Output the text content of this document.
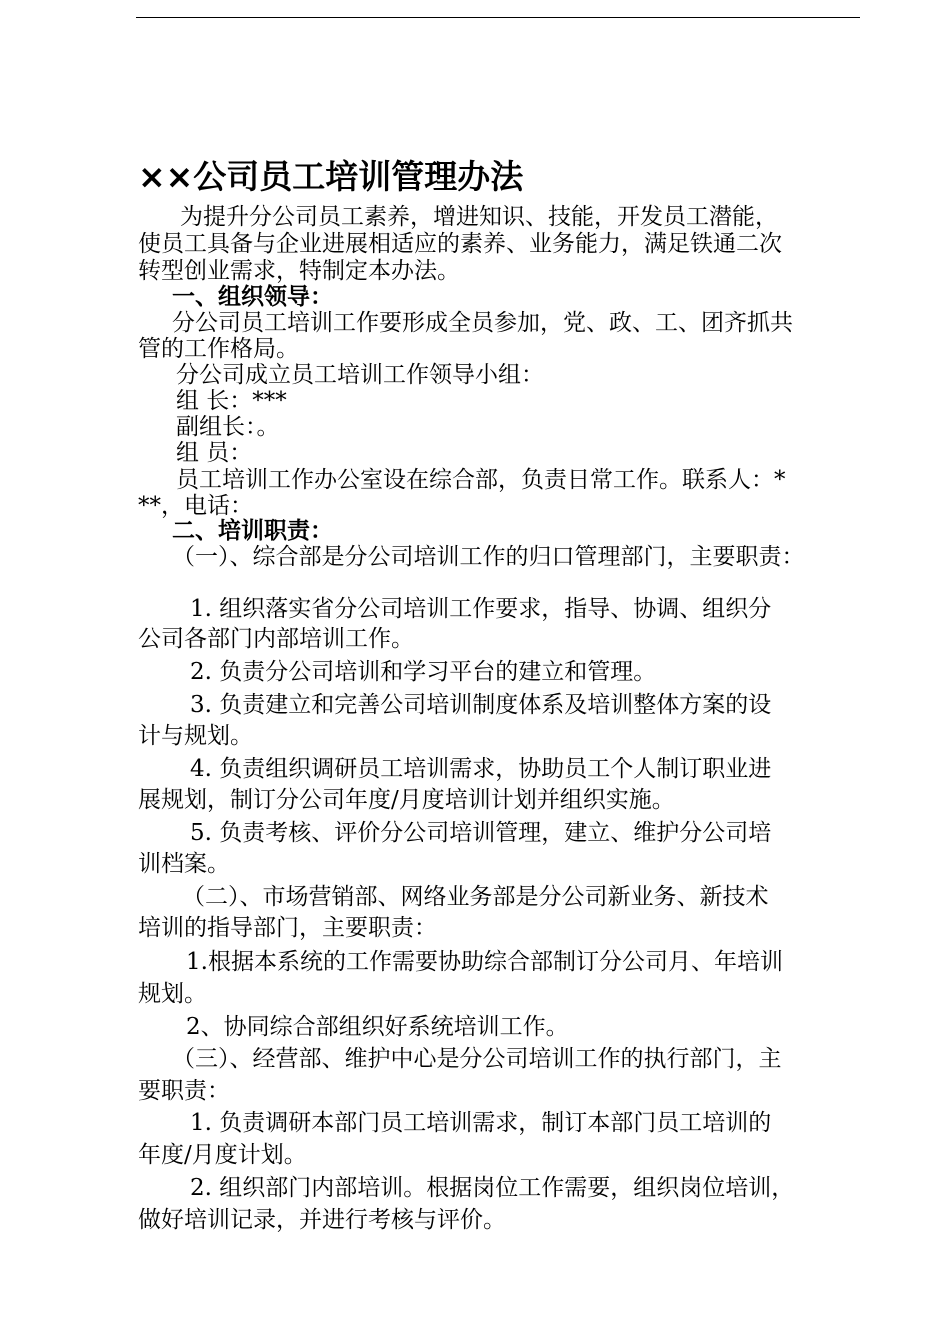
××公司员工培训管理办法
为提升分公司员工素养，增进知识、技能，开发员工潜能，
使员工具备与企业进展相适应的素养、业务能力，满足铁通二次
转型创业需求，特制定本办法。
一、组织领导：
分公司员工培训工作要形成全员参加，党、政、工、团齐抓共
管的工作格局。
分公司成立员工培训工作领导小组：
组 长：***
副组长：。
组 员：
员工培训工作办公室设在综合部，负责日常工作。联系人：*
**，电话：
二、培训职责：
（一）、综合部是分公司培训工作的归口管理部门，主要职责：
1. 组织落实省分公司培训工作要求，指导、协调、组织分
公司各部门内部培训工作。
2. 负责分公司培训和学习平台的建立和管理。
3. 负责建立和完善公司培训制度体系及培训整体方案的设
计与规划。
4. 负责组织调研员工培训需求，协助员工个人制订职业进
展规划，制订分公司年度/月度培训计划并组织实施。
5. 负责考核、评价分公司培训管理，建立、维护分公司培
训档案。
（二）、市场营销部、网络业务部是分公司新业务、新技术
培训的指导部门，主要职责：
1.根据本系统的工作需要协助综合部制订分公司月、年培训
规划。
2、协同综合部组织好系统培训工作。
（三）、经营部、维护中心是分公司培训工作的执行部门，主
要职责：
1. 负责调研本部门员工培训需求，制订本部门员工培训的
年度/月度计划。
2. 组织部门内部培训。根据岗位工作需要，组织岗位培训，
做好培训记录，并进行考核与评价。
